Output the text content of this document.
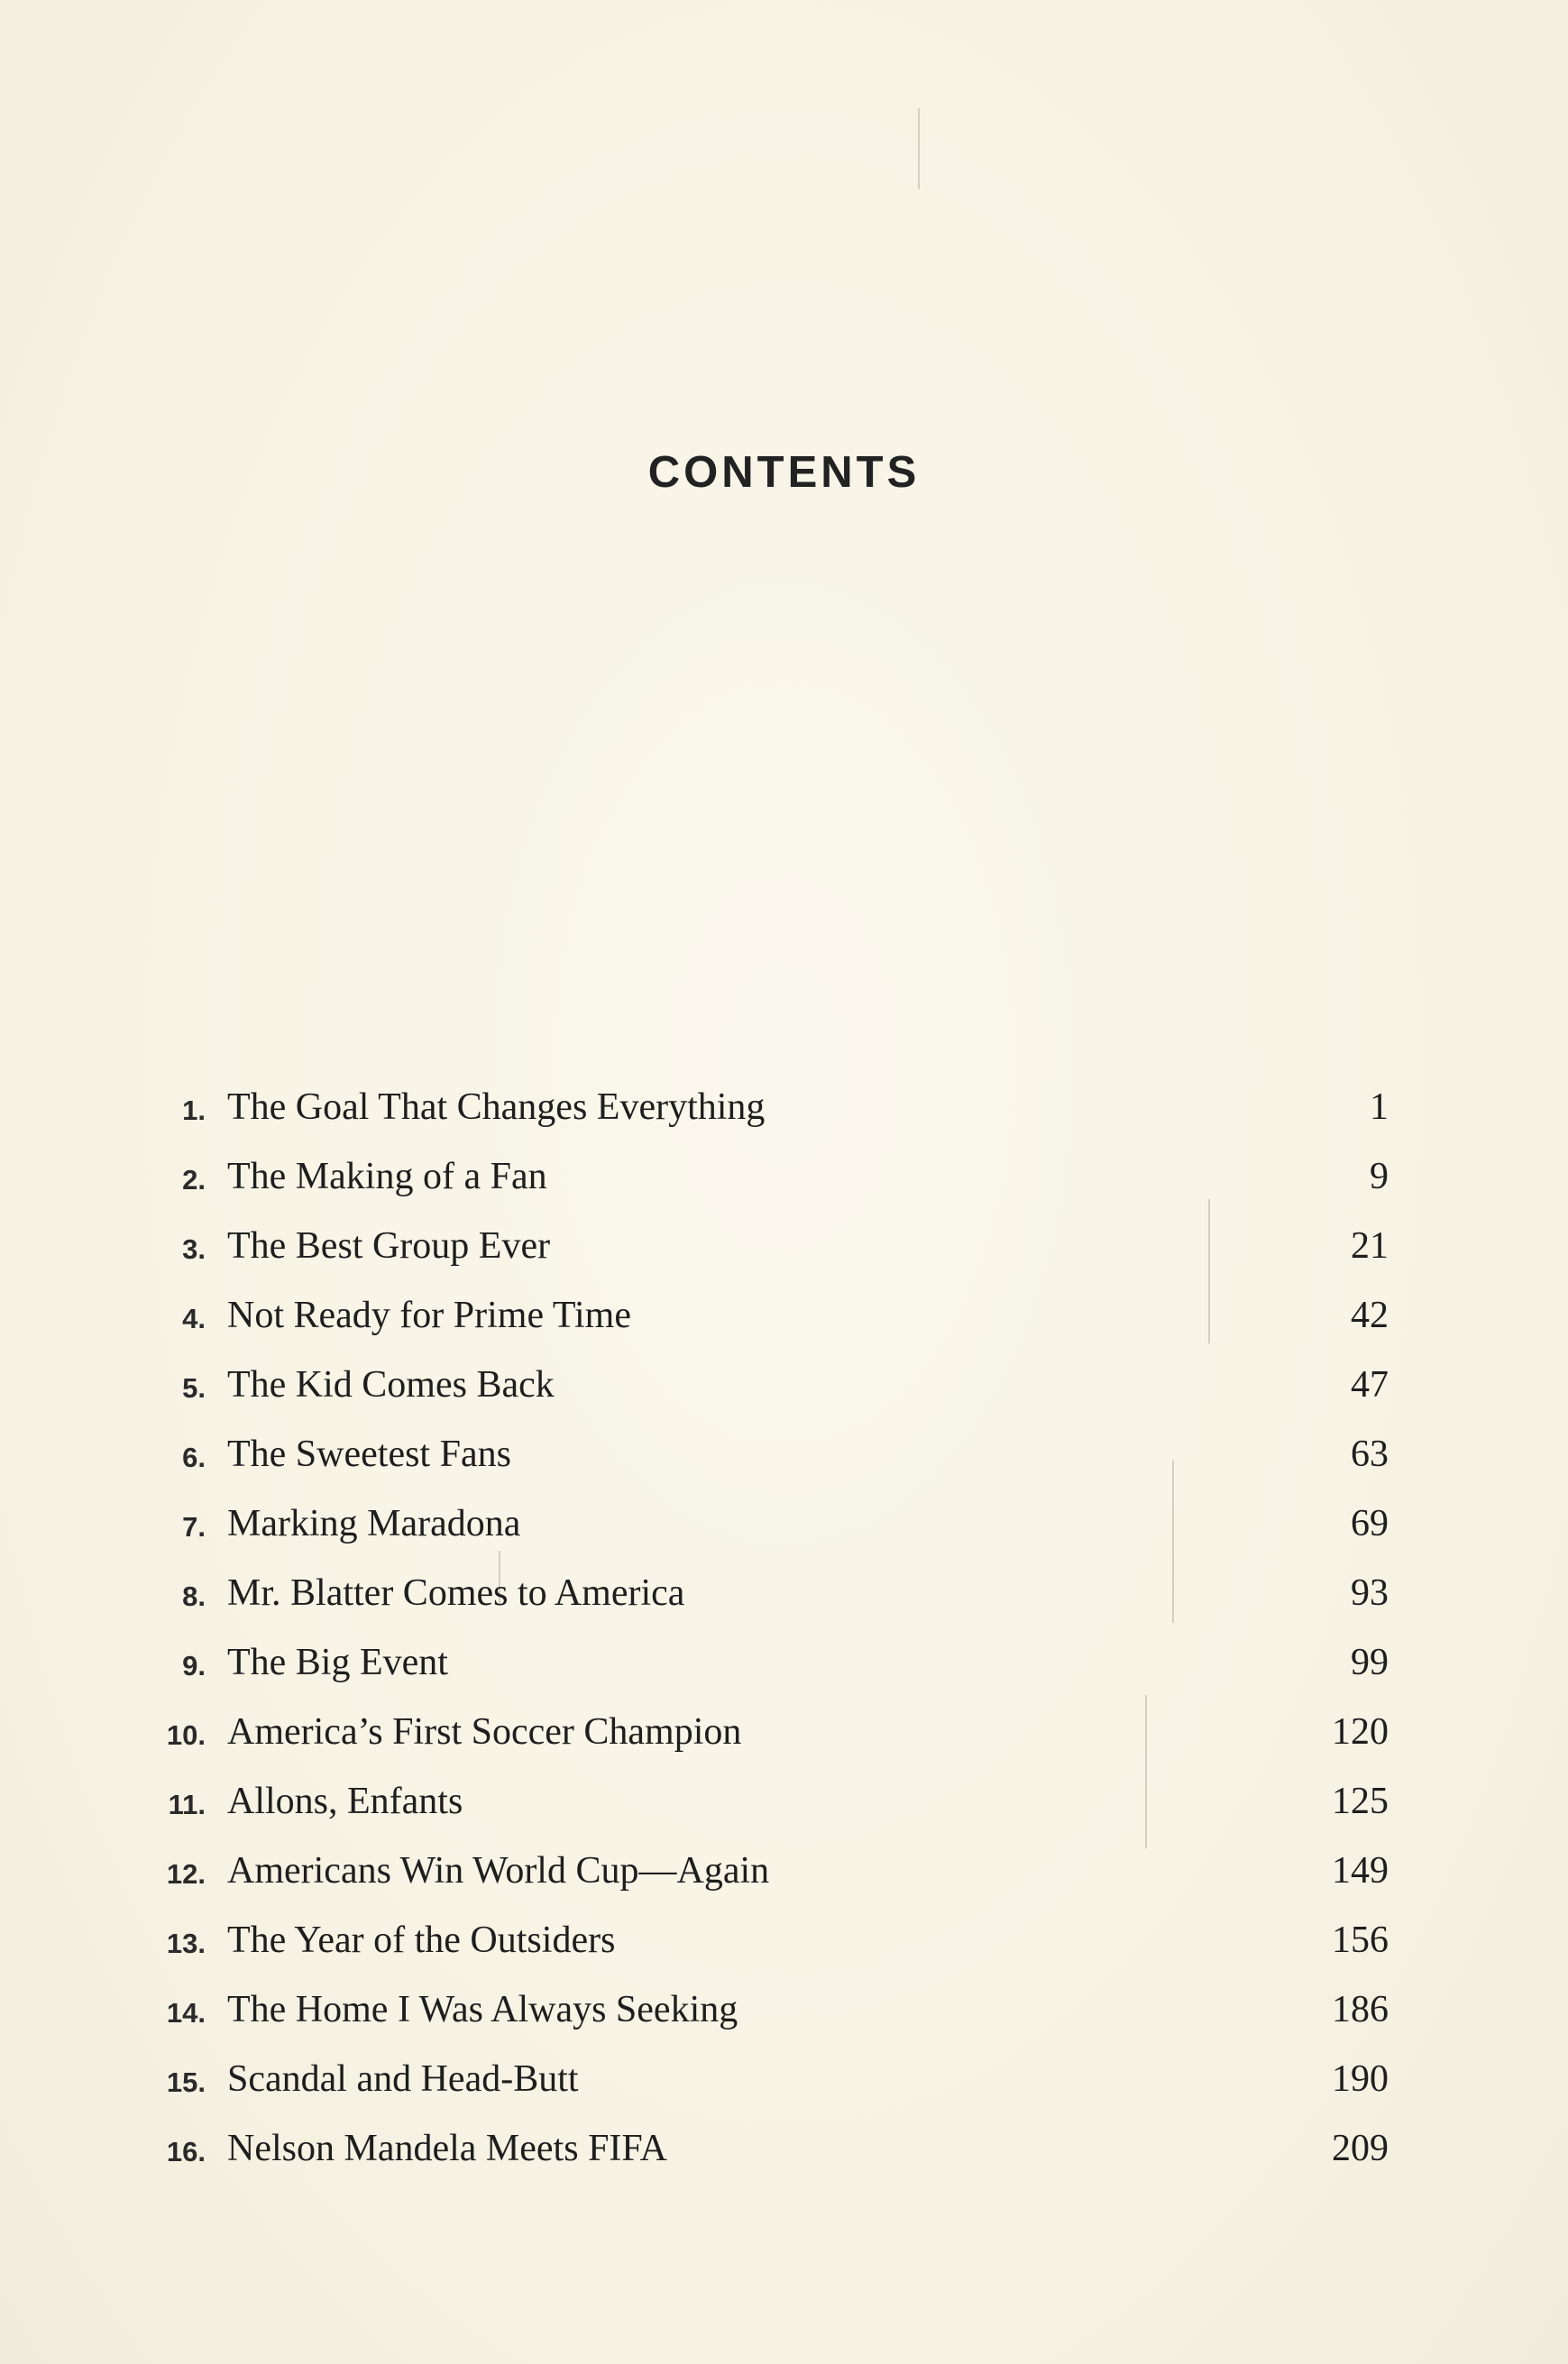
CONTENTS
1. The Goal That Changes Everything	1
2. The Making of a Fan	9
3. The Best Group Ever	21
4. Not Ready for Prime Time	42
5. The Kid Comes Back	47
6. The Sweetest Fans	63
7. Marking Maradona	69
8. Mr. Blatter Comes to America	93
9. The Big Event	99
10. America’s First Soccer Champion	120
11. Allons, Enfants	125
12. Americans Win World Cup—Again	149
13. The Year of the Outsiders	156
14. The Home I Was Always Seeking	186
15. Scandal and Head-Butt	190
16. Nelson Mandela Meets FIFA	209
